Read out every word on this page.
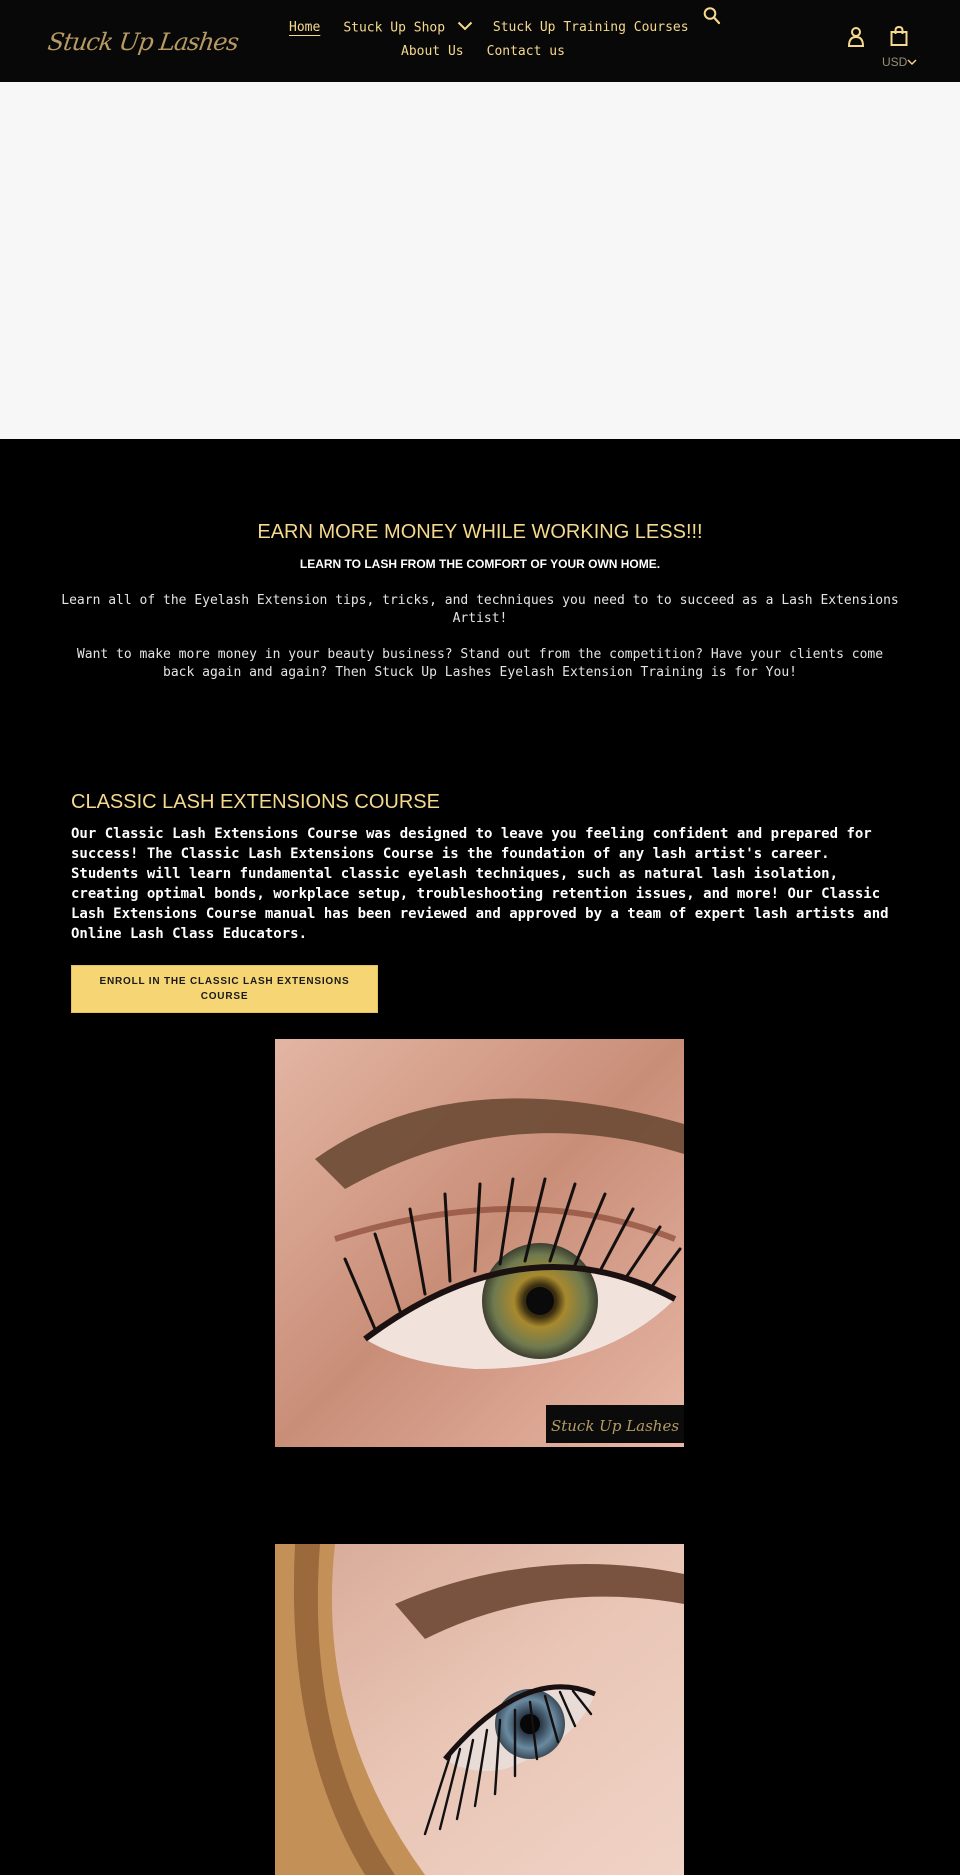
Stuck Up Lashes
Home Stuck Up Shop	Stuck Up Training Courses
About Us Contact us
USD
EARN MORE MONEY WHILE WORKING LESS!!!
LEARN TO LASH FROM THE COMFORT OF YOUR OWN HOME.

Learn all of the Eyelash Extension tips, tricks, and techniques you need to to succeed as a Lash Extensions Artist!

Want to make more money in your beauty business? Stand out from the competition? Have your clients come back again and again? Then Stuck Up Lashes Eyelash Extension Training is for You!

CLASSIC LASH EXTENSIONS COURSE

Our Classic Lash Extensions Course was designed to leave you feeling confident and prepared for success! The Classic Lash Extensions Course is the foundation of any lash artist's career. Students will learn fundamental classic eyelash techniques, such as natural lash isolation, creating optimal bonds, workplace setup, troubleshooting retention issues, and more! Our Classic Lash Extensions Course manual has been reviewed and approved by a team of expert lash artists and Online Lash Class Educators.

ENROLL IN THE CLASSIC LASH EXTENSIONS COURSE
Stuck Up Lashes
